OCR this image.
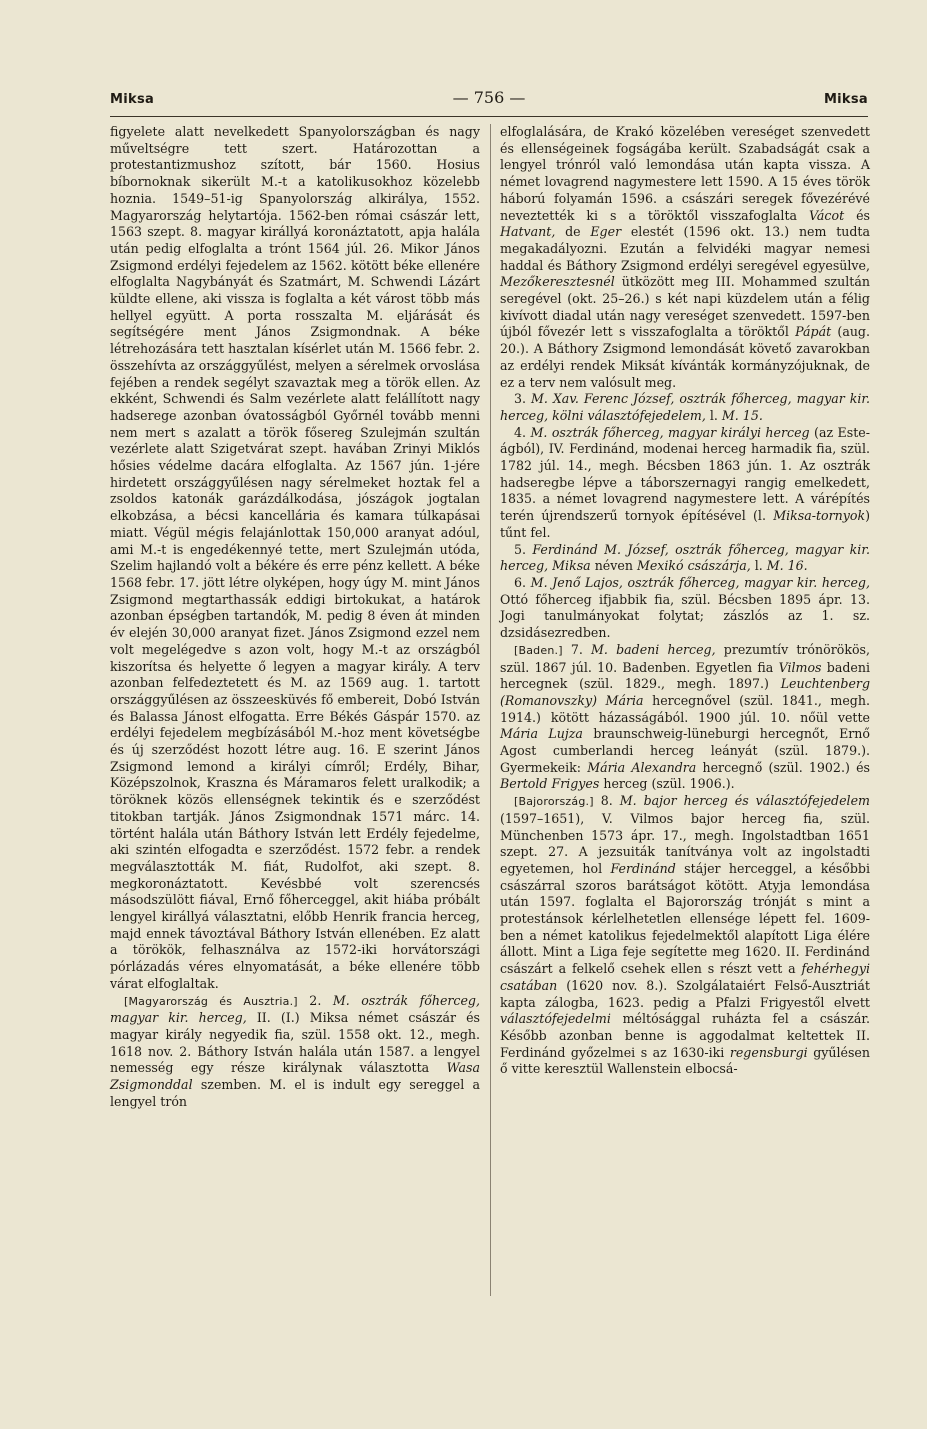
Miksa	— 756 —	Miksa

figyelete alatt nevelkedett Spanyolországban és nagy műveltségre tett szert. Határozottan a protestantizmushoz szított, bár 1560. Hosius bíbornoknak sikerült M.-t a katolikusokhoz közelebb hoznia. 1549–51-ig Spanyolország alkirálya, 1552. Magyarország helytartója. 1562-ben római császár lett, 1563 szept. 8. magyar királlyá koronáztatott, apja halála után pedig elfoglalta a trónt 1564 júl. 26. Mikor János Zsigmond erdélyi fejedelem az 1562. kötött béke ellenére elfoglalta Nagybányát és Szatmárt, M. Schwendi Lázárt küldte ellene, aki vissza is foglalta a két várost több más hellyel együtt. A porta rosszalta M. eljárását és segítségére ment János Zsigmondnak. A béke létrehozására tett hasztalan kísérlet után M. 1566 febr. 2. összehívta az országgyűlést, melyen a sérelmek orvoslása fejében a rendek segélyt szavaztak meg a török ellen. Az ekként, Schwendi és Salm vezérlete alatt felállított nagy hadserege azonban óvatosságból Győrnél tovább menni nem mert s azalatt a török fősereg Szulejmán szultán vezérlete alatt Szigetvárat szept. havában Zrinyi Miklós hősies védelme dacára elfoglalta. Az 1567 jún. 1-jére hirdetett országgyűlésen nagy sérelmeket hoztak fel a zsoldos katonák garázdálkodása, jószágok jogtalan elkobzása, a bécsi kancellária és kamara túlkapásai miatt. Végül mégis felajánlottak 150,000 aranyat adóul, ami M.-t is engedékennyé tette, mert Szulejmán utóda, Szelim hajlandó volt a békére és erre pénz kellett. A béke 1568 febr. 17. jött létre olyképen, hogy úgy M. mint János Zsigmond megtarthassák eddigi birtokukat, a határok azonban épségben tartandók, M. pedig 8 éven át minden év elején 30,000 aranyat fizet. János Zsigmond ezzel nem volt megelégedve s azon volt, hogy M.-t az országból kiszorítsa és helyette ő legyen a magyar király. A terv azonban felfedeztetett és M. az 1569 aug. 1. tartott országgyűlésen az összeesküvés fő embereit, Dobó István és Balassa Jánost elfogatta. Erre Békés Gáspár 1570. az erdélyi fejedelem megbízásából M.-hoz ment követségbe és új szerződést hozott létre aug. 16. E szerint János Zsigmond lemond a királyi címről; Erdély, Bihar, Középszolnok, Kraszna és Máramaros felett uralkodik; a töröknek közös ellenségnek tekintik és e szerződést titokban tartják. János Zsigmondnak 1571 márc. 14. történt halála után Báthory István lett Erdély fejedelme, aki szintén elfogadta e szerződést. 1572 febr. a rendek megválasztották M. fiát, Rudolfot, aki szept. 8. megkoronáztatott. Kevésbbé volt szerencsés másodszülött fiával, Ernő főherceggel, akit hiába próbált lengyel királlyá választatni, előbb Henrik francia herceg, majd ennek távoztával Báthory István ellenében. Ez alatt a törökök, felhasználva az 1572-iki horvátországi pórlázadás véres elnyomatását, a béke ellenére több várat elfoglaltak.

[Magyarország és Ausztria.] 2. M. osztrák főherceg, magyar kir. herceg, II. (I.) Miksa német császár és magyar király negyedik fia, szül. 1558 okt. 12., megh. 1618 nov. 2. Báthory István halála után 1587. a lengyel nemesség egy része királynak választotta Wasa Zsigmonddal szemben. M. el is indult egy sereggel a lengyel trón

elfoglalására, de Krakó közelében vereséget szenvedett és ellenségeinek fogságába került. Szabadságát csak a lengyel trónról való lemondása után kapta vissza. A német lovagrend nagymestere lett 1590. A 15 éves török háború folyamán 1596. a császári seregek fővezérévé neveztették ki s a töröktől visszafoglalta Vácot és Hatvant, de Eger elestét (1596 okt. 13.) nem tudta megakadályozni. Ezután a felvidéki magyar nemesi haddal és Báthory Zsigmond erdélyi seregével egyesülve, Mezőkeresztesnél ütközött meg III. Mohammed szultán seregével (okt. 25–26.) s két napi küzdelem után a félig kivívott diadal után nagy vereséget szenvedett. 1597-ben újból fővezér lett s visszafoglalta a töröktől Pápát (aug. 20.). A Báthory Zsigmond lemondását követő zavarokban az erdélyi rendek Miksát kívánták kormányzójuknak, de ez a terv nem valósult meg.

3. M. Xav. Ferenc József, osztrák főherceg, magyar kir. herceg, kölni választófejedelem, l. M. 15.

4. M. osztrák főherceg, magyar királyi herceg (az Este-ágból), IV. Ferdinánd, modenai herceg harmadik fia, szül. 1782 júl. 14., megh. Bécsben 1863 jún. 1. Az osztrák hadseregbe lépve a táborszernagyi rangig emelkedett, 1835. a német lovagrend nagymestere lett. A várépítés terén újrendszerű tornyok építésével (l. Miksa-tornyok) tűnt fel.

5. Ferdinánd M. József, osztrák főherceg, magyar kir. herceg, Miksa néven Mexikó császárja, l. M. 16.

6. M. Jenő Lajos, osztrák főherceg, magyar kir. herceg, Ottó főherceg ifjabbik fia, szül. Bécsben 1895 ápr. 13. Jogi tanulmányokat folytat; zászlós az 1. sz. dzsidásezredben.

[Baden.] 7. M. badeni herceg, prezumtív trónörökös, szül. 1867 júl. 10. Badenben. Egyetlen fia Vilmos badeni hercegnek (szül. 1829., megh. 1897.) Leuchtenberg (Romanovszky) Mária hercegnővel (szül. 1841., megh. 1914.) kötött házasságából. 1900 júl. 10. nőül vette Mária Lujza braunschweig-lüneburgi hercegnőt, Ernő Agost cumberlandi herceg leányát (szül. 1879.). Gyermekeik: Mária Alexandra hercegnő (szül. 1902.) és Bertold Frigyes herceg (szül. 1906.).

[Bajorország.] 8. M. bajor herceg és választófejedelem (1597–1651), V. Vilmos bajor herceg fia, szül. Münchenben 1573 ápr. 17., megh. Ingolstadtban 1651 szept. 27. A jezsuiták tanítványa volt az ingolstadti egyetemen, hol Ferdinánd stájer herceggel, a későbbi császárral szoros barátságot kötött. Atyja lemondása után 1597. foglalta el Bajorország trónját s mint a protestánsok kérlelhetetlen ellensége lépett fel. 1609-ben a német katolikus fejedelmektől alapított Liga élére állott. Mint a Liga feje segítette meg 1620. II. Ferdinánd császárt a felkelő csehek ellen s részt vett a fehérhegyi csatában (1620 nov. 8.). Szolgálataiért Felső-Ausztriát kapta zálogba, 1623. pedig a Pfalzi Frigyestől elvett választófejedelmi méltósággal ruházta fel a császár. Később azonban benne is aggodalmat keltettek II. Ferdinánd győzelmei s az 1630-iki regensburgi gyűlésen ő vitte keresztül Wallenstein elbocsá-
